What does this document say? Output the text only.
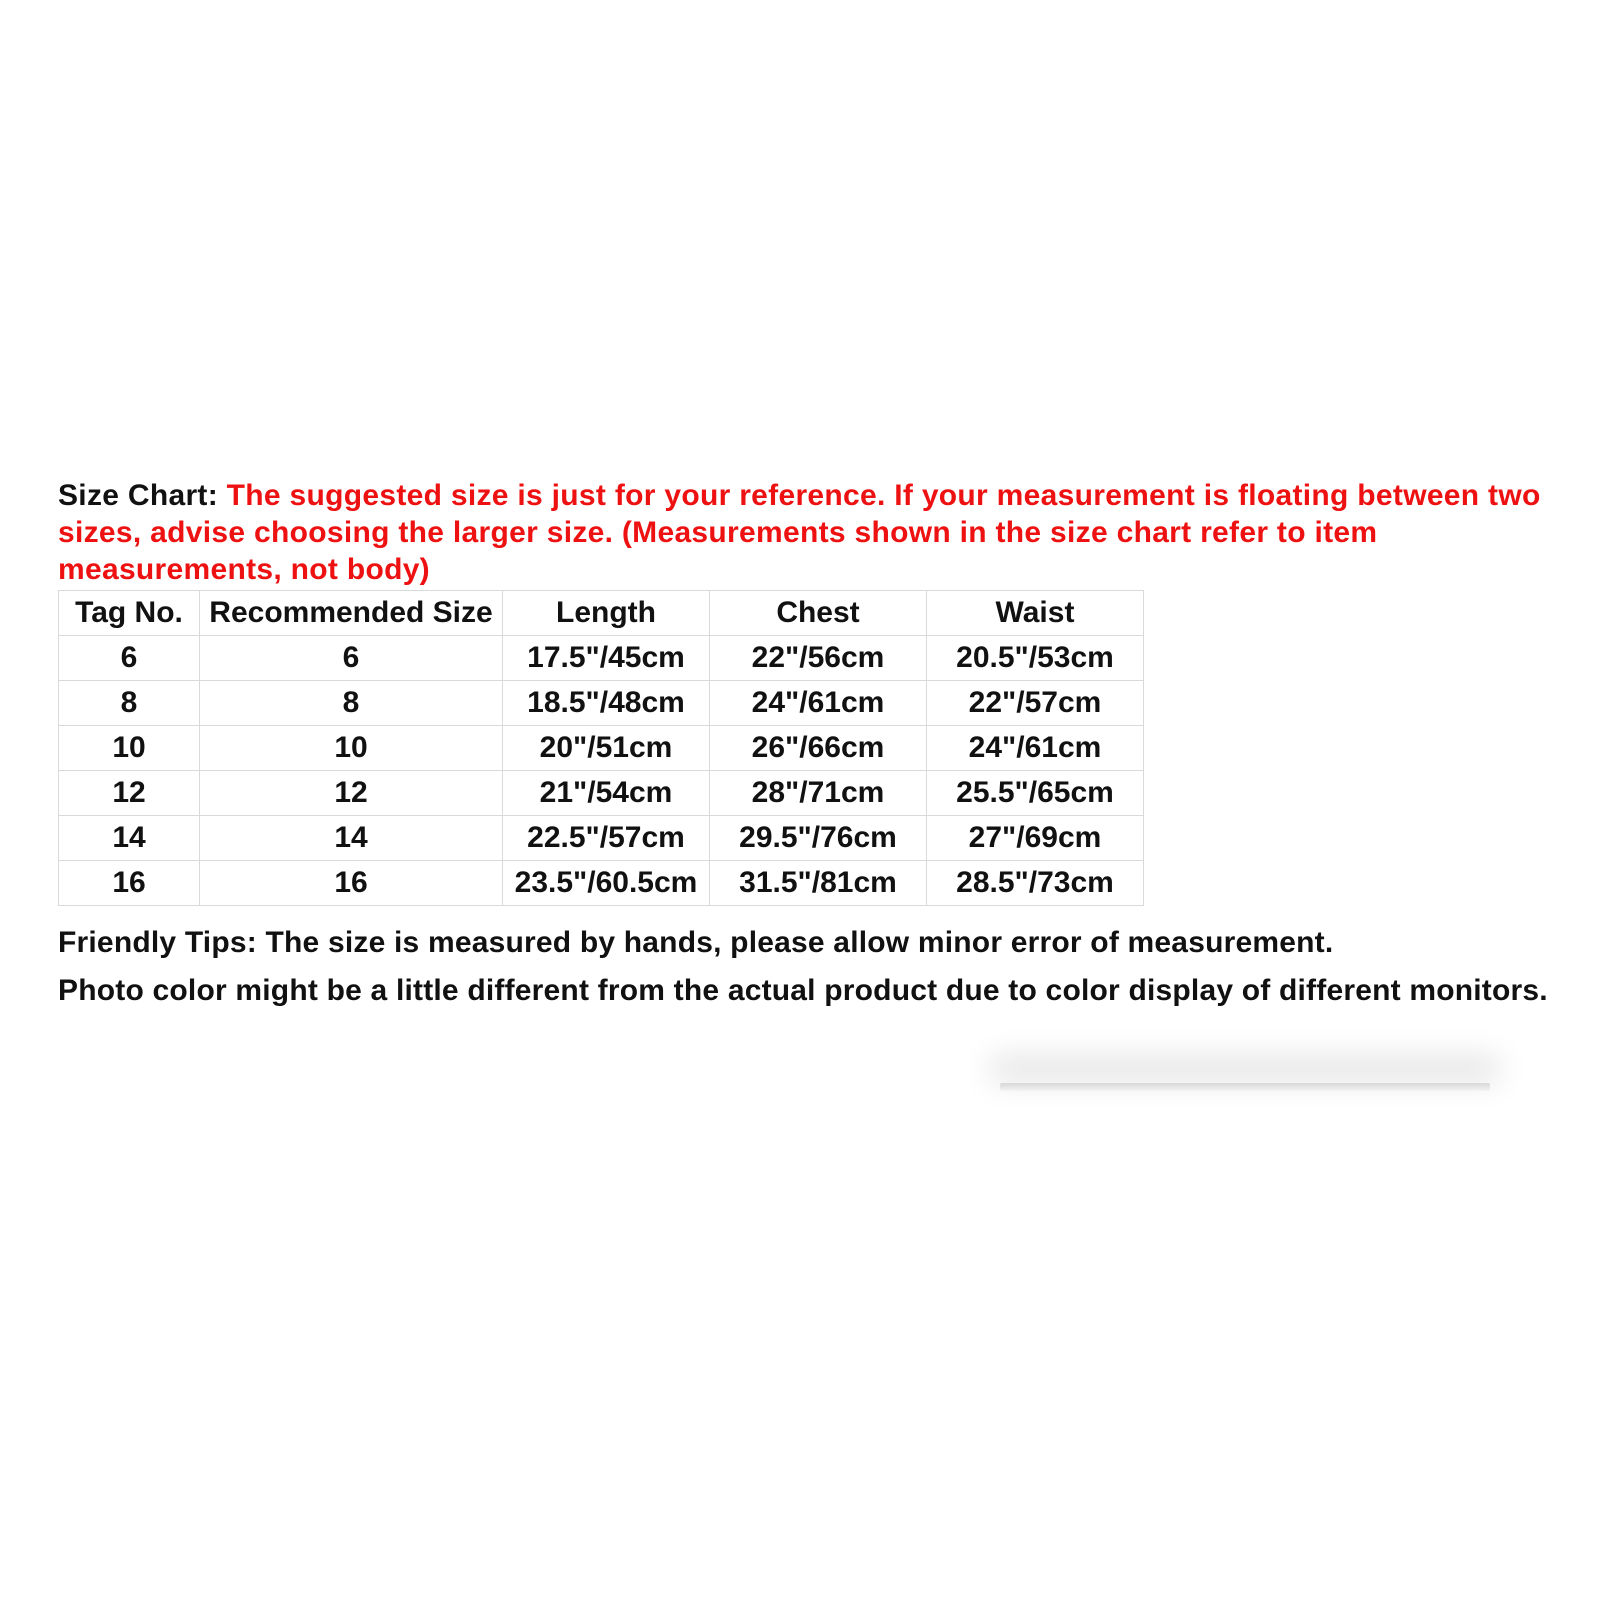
Size Chart: The suggested size is just for your reference. If your measurement is floating between two sizes, advise choosing the larger size. (Measurements shown in the size chart refer to item measurements, not body)

Tag No.	Recommended Size	Length	Chest	Waist
6	6	17.5"/45cm	22"/56cm	20.5"/53cm
8	8	18.5"/48cm	24"/61cm	22"/57cm
10	10	20"/51cm	26"/66cm	24"/61cm
12	12	21"/54cm	28"/71cm	25.5"/65cm
14	14	22.5"/57cm	29.5"/76cm	27"/69cm
16	16	23.5"/60.5cm	31.5"/81cm	28.5"/73cm

Friendly Tips: The size is measured by hands, please allow minor error of measurement.

Photo color might be a little different from the actual product due to color display of different monitors.
